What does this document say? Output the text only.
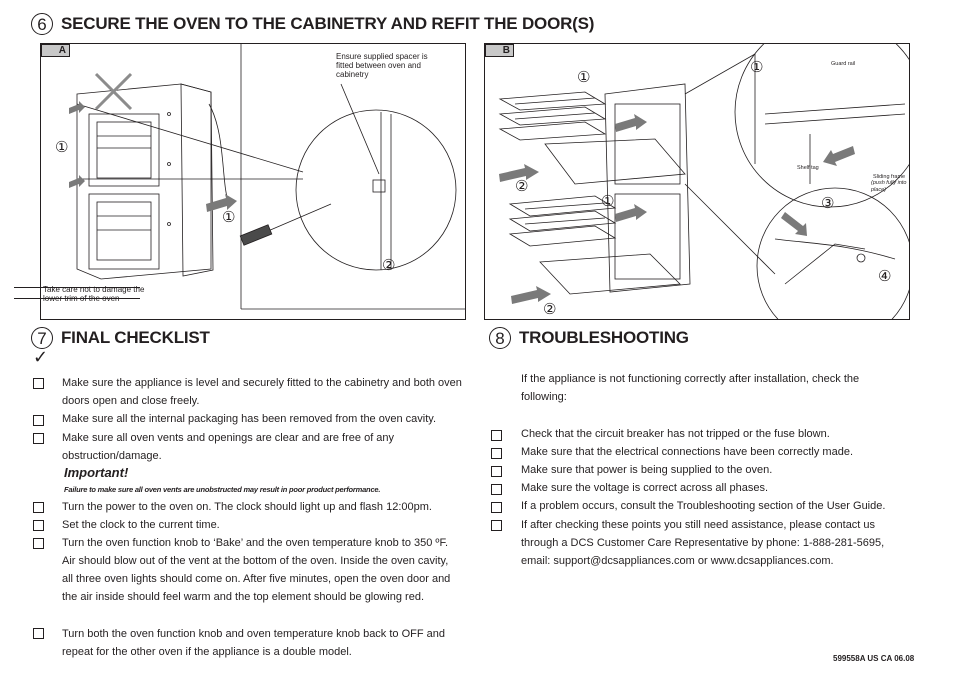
6 SECURE THE OVEN TO THE CABINETRY AND REFIT THE DOOR(S)
A
Ensure supplied spacer is fitted between oven and cabinetry
Take care not to damage the lower trim of the oven
①
①
②
B
Guard rail
Shelf tag
Sliding frame
(push fully into place)
①
①
②
②
①	③
④
7 FINAL CHECKLIST
✓
Make sure the appliance is level and securely fitted to the cabinetry and both oven doors open and close freely.
Make sure all the internal packaging has been removed from the oven cavity.
Make sure all oven vents and openings are clear and are free of any obstruction/damage.
Important!
Failure to make sure all oven vents are unobstructed may result in poor product performance.
Turn the power to the oven on. The clock should light up and flash 12:00pm.
Set the clock to the current time.
Turn the oven function knob to ‘Bake’ and the oven temperature knob to 350 ºF. Air should blow out of the vent at the bottom of the oven. Inside the oven cavity, all three oven lights should come on. After five minutes, open the oven door and the air inside should feel warm and the top element should be glowing red.
Turn both the oven function knob and oven temperature knob back to OFF and repeat for the other oven if the appliance is a double model.
8 TROUBLESHOOTING
If the appliance is not functioning correctly after installation, check the following:
Check that the circuit breaker has not tripped or the fuse blown.
Make sure that the electrical connections have been correctly made.
Make sure that power is being supplied to the oven.
Make sure the voltage is correct across all phases.
If a problem occurs, consult the Troubleshooting section of the User Guide.
If after checking these points you still need assistance, please contact us through a DCS Customer Care Representative by phone: 1-888-281-5695, email: support@dcsappliances.com or www.dcsappliances.com.
599558A US CA 06.08
